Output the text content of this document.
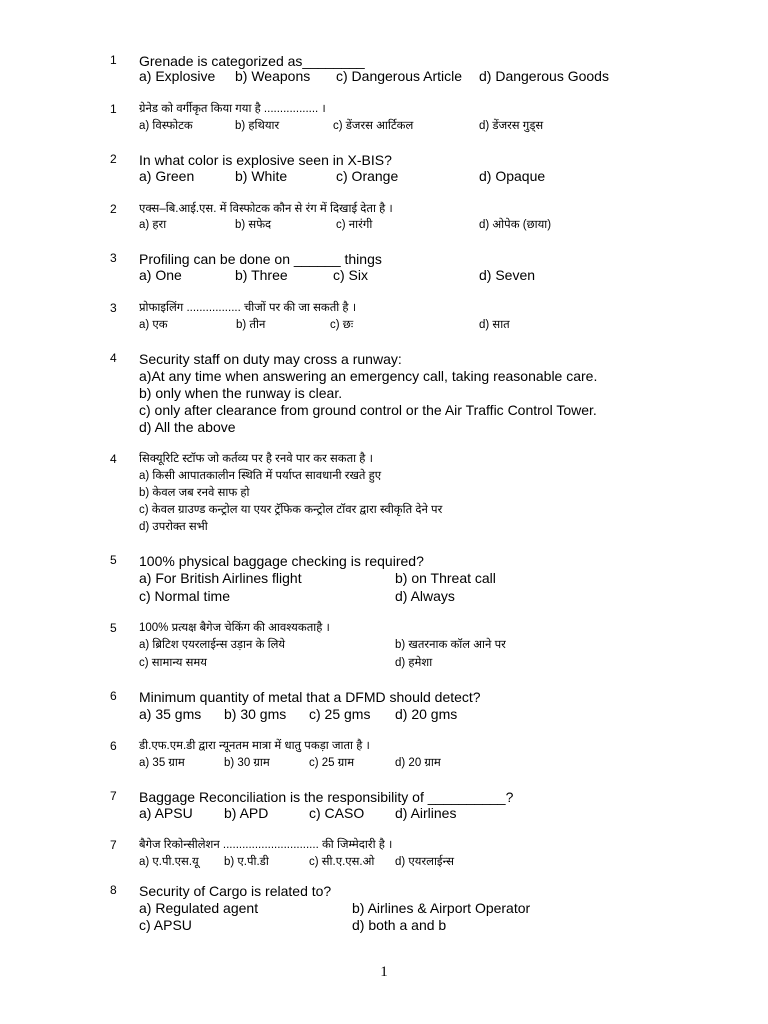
1 Grenade is categorized as________
a) Explosive b) Weapons c) Dangerous Article d) Dangerous Goods
1 ग्रेनेड को वर्गीकृत किया गया है ................. ।
a) विस्फोटक	b) हथियार	c) डेंजरस आर्टिकल	d) डेंजरस गुड्स
2 In what color is explosive seen in X-BIS?
a) Green	b) White	c) Orange	d) Opaque
2 एक्स–बि.आई.एस. में विस्फोटक कौन से रंग में दिखाई देता है ।
a) हरा	b) सफेद	c) नारंगी	d) ओपेक (छाया)
3 Profiling can be done on ______ things
a) One	b) Three	c) Six	d) Seven
3 प्रोफाइलिंग ................. चीजों पर की जा सकती है ।
a) एक	b) तीन	c) छः	d) सात
4 Security staff on duty may cross a runway:
a)At any time when answering an emergency call, taking reasonable care.
b) only when the runway is clear.
c) only after clearance from ground control or the Air Traffic Control Tower.
d) All the above
4 सिक्यूरिटि स्टॉफ जो कर्तव्य पर है रनवे पार कर सकता है ।
a) किसी आपातकालीन स्थिति में पर्याप्त सावधानी रखते हुए
b) केवल जब रनवे साफ हो
c) केवल ग्राउण्ड कन्ट्रोल या एयर ट्रॅफिक कन्ट्रोल टॉवर द्वारा स्वीकृति देने पर
d) उपरोक्त सभी
5 100% physical baggage checking is required?
a) For British Airlines flight	b) on Threat call
c) Normal time	d) Always
5 100% प्रत्यक्ष बैगेज चेकिंग की आवश्यकताहै ।
a) ब्रिटिश एयरलाईन्स उड़ान के लिये	b) खतरनाक कॉल आने पर
c) सामान्य समय	d) हमेशा
6 Minimum quantity of metal that a DFMD should detect?
a) 35 gms b) 30 gms c) 25 gms d) 20 gms
6 डी.एफ.एम.डी द्वारा न्यूनतम मात्रा में धातु पकड़ा जाता है ।
a) 35 ग्राम	b) 30 ग्राम	c) 25 ग्राम	d) 20 ग्राम
7 Baggage Reconciliation is the responsibility of __________?
a) APSU b) APD	c) CASO d) Airlines
7 बैगेज रिकोन्सीलेशन .............................. की जिम्मेदारी है ।
a) ए.पी.एस.यू b) ए.पी.डी	c) सी.ए.एस.ओ d) एयरलाईन्स
8 Security of Cargo is related to?
a) Regulated agent	b) Airlines & Airport Operator
c) APSU	d) both a and b
1
